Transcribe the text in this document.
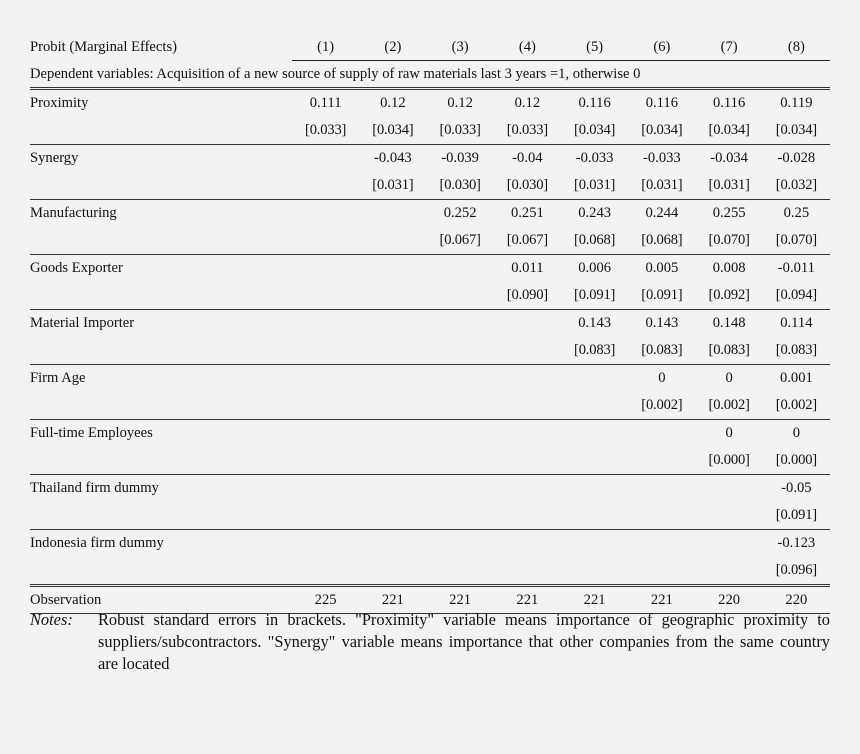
Probit (Marginal Effects)	(1)	(2)	(3)	(4)	(5)	(6)	(7)	(8)
Dependent variables: Acquisition of a new source of supply of raw materials last 3 years =1, otherwise 0								
Proximity	0.111	0.12	0.12	0.12	0.116	0.116	0.116	0.119
	[0.033]	[0.034]	[0.033]	[0.033]	[0.034]	[0.034]	[0.034]	[0.034]
Synergy		-0.043	-0.039	-0.04	-0.033	-0.033	-0.034	-0.028
		[0.031]	[0.030]	[0.030]	[0.031]	[0.031]	[0.031]	[0.032]
Manufacturing			0.252	0.251	0.243	0.244	0.255	0.25
			[0.067]	[0.067]	[0.068]	[0.068]	[0.070]	[0.070]
Goods Exporter				0.011	0.006	0.005	0.008	-0.011
				[0.090]	[0.091]	[0.091]	[0.092]	[0.094]
Material Importer					0.143	0.143	0.148	0.114
					[0.083]	[0.083]	[0.083]	[0.083]
Firm Age						0	0	0.001
						[0.002]	[0.002]	[0.002]
Full-time Employees							0	0
							[0.000]	[0.000]
Thailand firm dummy								-0.05
								[0.091]
Indonesia firm dummy								-0.123
								[0.096]
Observation	225	221	221	221	221	221	220	220
Notes:	Robust standard errors in brackets. "Proximity" variable means importance of geographic proximity to suppliers/subcontractors. "Synergy" variable means importance that other companies from the same country are located
